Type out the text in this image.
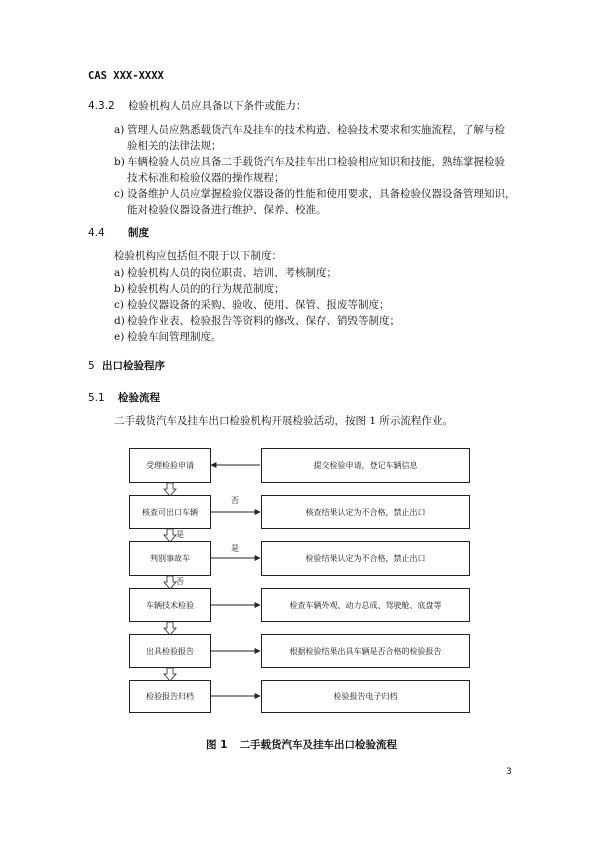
CAS XXX-XXXX
4.3.2 检验机构人员应具备以下条件或能力：
a) 管理人员应熟悉载货汽车及挂车的技术构造、检验技术要求和实施流程，了解与检
验相关的法律法规；
b) 车辆检验人员应具备二手载货汽车及挂车出口检验相应知识和技能，熟练掌握检验
技术标准和检验仪器的操作规程；
c) 设备维护人员应掌握检验仪器设备的性能和使用要求，具备检验仪器设备管理知识，
能对检验仪器设备进行维护、保养、校准。
4.4 制度
检验机构应包括但不限于以下制度：
a) 检验机构人员的岗位职责、培训、考核制度；
b) 检验机构人员的的行为规范制度；
c) 检验仪器设备的采购、验收、使用、保管、报废等制度；
d) 检验作业表、检验报告等资料的修改、保存、销毁等制度；
e) 检验车间管理制度。
5 出口检验程序
5.1 检验流程
二手载货汽车及挂车出口检验机构开展检验活动，按图 1 所示流程作业。
受理检验申请
核查可出口车辆
判别事故车
车辆技术检验
出具检验报告
检验报告归档
提交检验申请，登记车辆信息
核查结果认定为不合格，禁止出口
检验结果认定为不合格，禁止出口
检查车辆外观、动力总成、驾驶舱、底盘等
根据检验结果出具车辆是否合格的检验报告
检验报告电子归档
否
是
是
否
图 1 二手载货汽车及挂车出口检验流程
3
